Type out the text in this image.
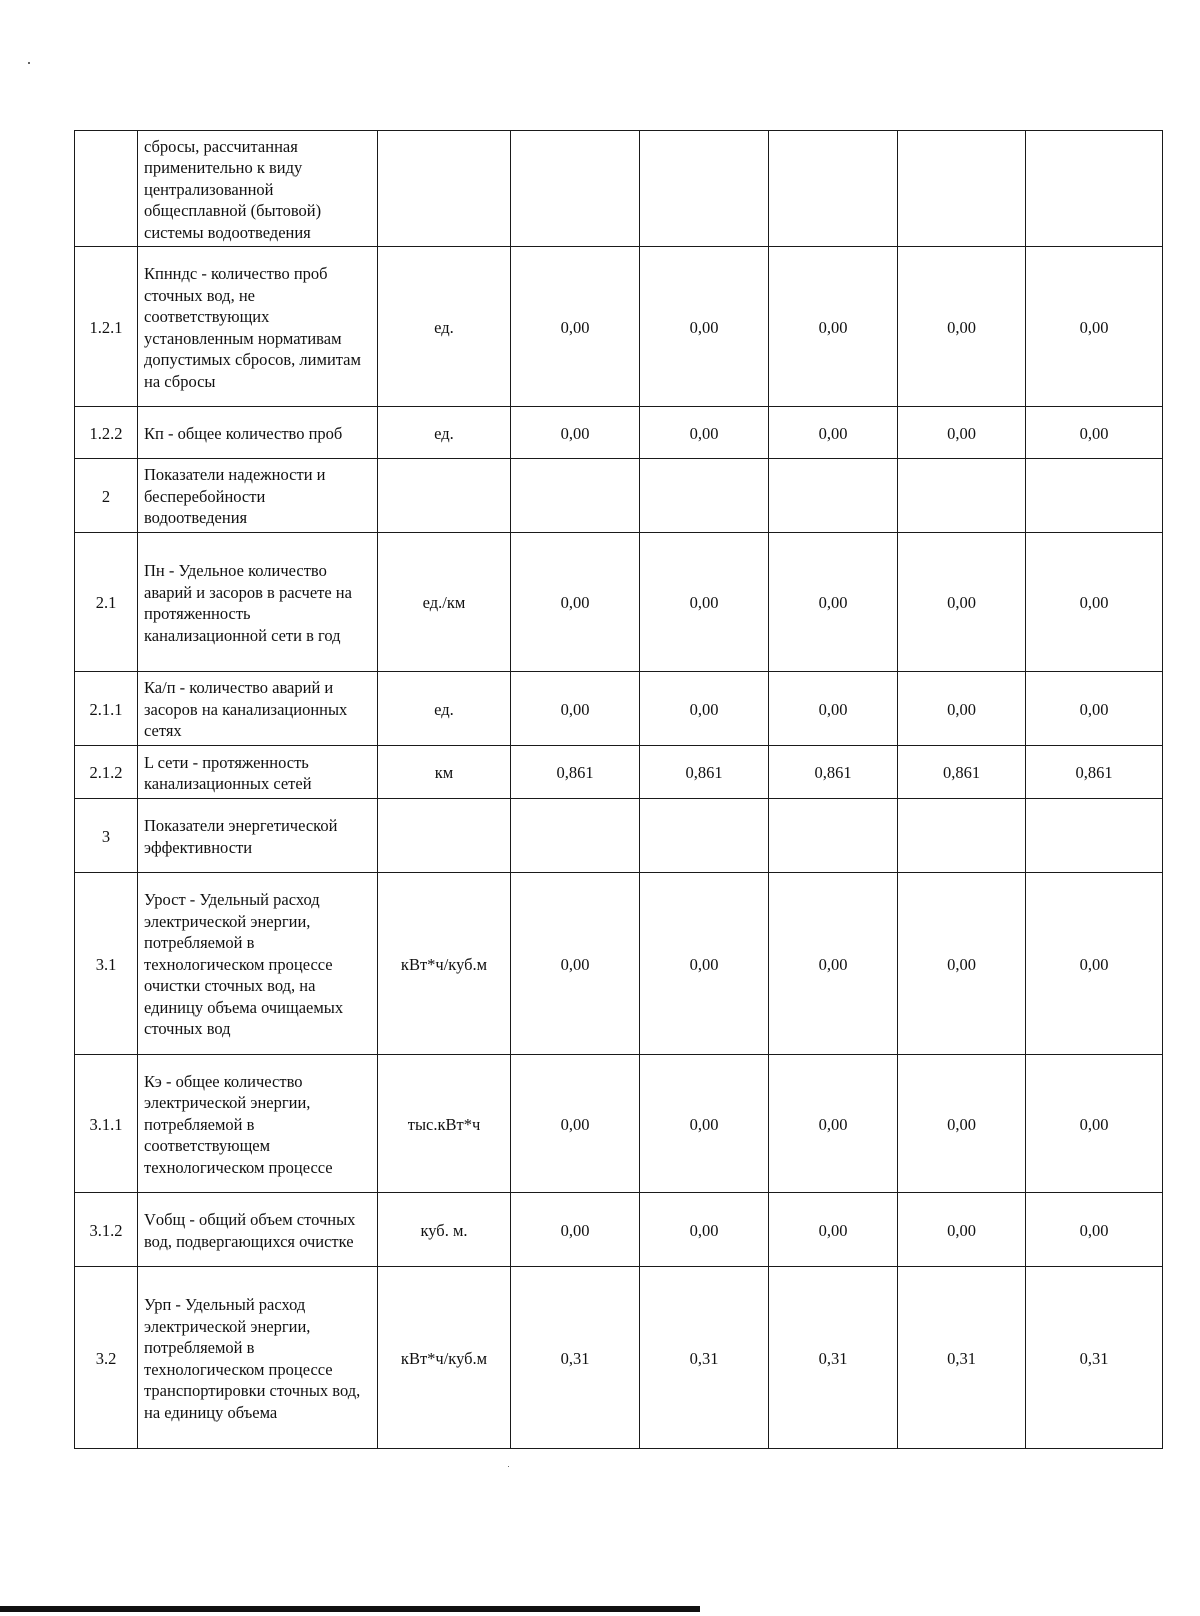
	сбросы, рассчитанная применительно к виду централизованной общесплавной (бытовой) системы водоотведения						
1.2.1	Кпнндс - количество проб сточных вод, не соответствующих установленным нормативам допустимых сбросов, лимитам на сбросы	ед.	0,00	0,00	0,00	0,00	0,00
1.2.2	Кп - общее количество проб	ед.	0,00	0,00	0,00	0,00	0,00
2	Показатели надежности и бесперебойности водоотведения						
2.1	Пн - Удельное количество аварий и засоров в расчете на протяженность канализационной сети в год	ед./км	0,00	0,00	0,00	0,00	0,00
2.1.1	Ка/п - количество аварий и засоров на канализационных сетях	ед.	0,00	0,00	0,00	0,00	0,00
2.1.2	L сети - протяженность канализационных сетей	км	0,861	0,861	0,861	0,861	0,861
3	Показатели энергетической эффективности						
3.1	Урост - Удельный расход электрической энергии, потребляемой в технологическом процессе очистки сточных вод, на единицу объема очищаемых сточных вод	кВт*ч/куб.м	0,00	0,00	0,00	0,00	0,00
3.1.1	Кэ - общее количество электрической энергии, потребляемой в соответствующем технологическом процессе	тыс.кВт*ч	0,00	0,00	0,00	0,00	0,00
3.1.2	Vобщ - общий объем сточных вод, подвергающихся очистке	куб. м.	0,00	0,00	0,00	0,00	0,00
3.2	Урп - Удельный расход электрической энергии, потребляемой в технологическом процессе транспортировки сточных вод, на единицу объема	кВт*ч/куб.м	0,31	0,31	0,31	0,31	0,31
